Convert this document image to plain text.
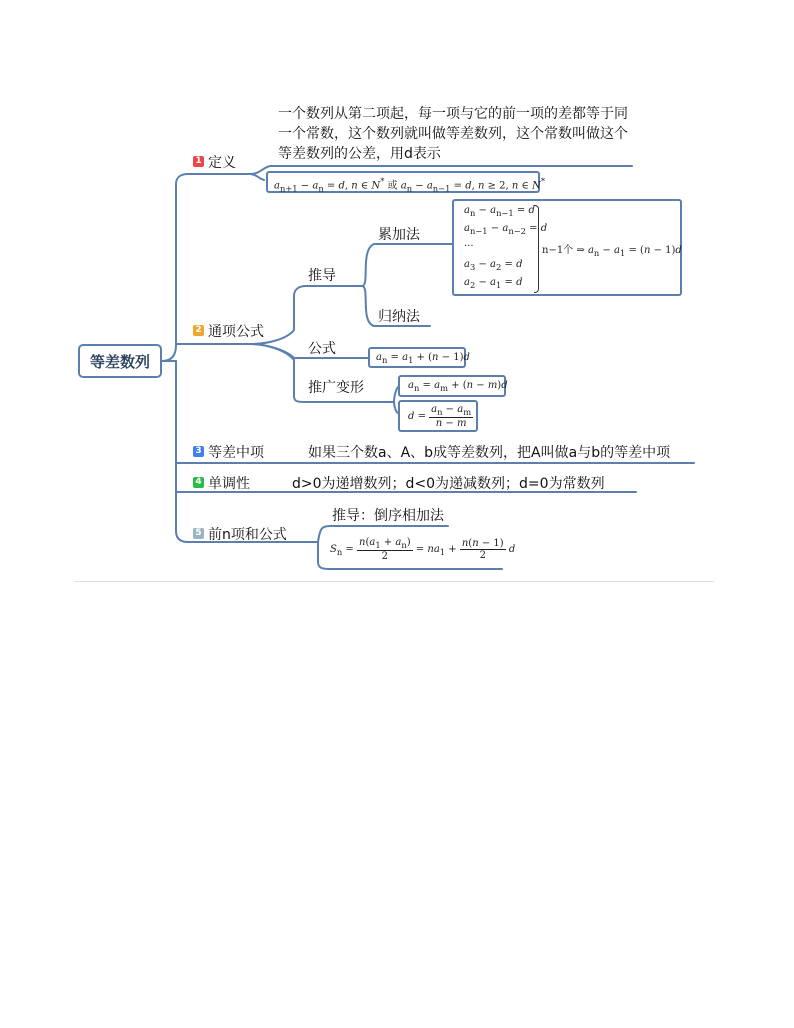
等差数列
1 定义
一个数列从第二项起，每一项与它的前一项的差都等于同一个常数，这个数列就叫做等差数列，这个常数叫做这个等差数列的公差，用d表示
$a_{n+1} - a_n = d$, n ∈ N* 或 $a_n - a_{n-1} = d$, n ≥ 2, n ∈ N*
2 通项公式
推导
累加法
归纳法
$a_n - a_{n-1} = d$
$a_{n-1} - a_{n-2} = d$
···
$a_3 - a_2 = d$
$a_2 - a_1 = d$
n−1个 ⇒ $a_n - a_1 = (n - 1)d$
公式
$a_n = a_1 + (n - 1)d$
推广变形	$a_n = a_m + (n - m)d$
$d = \frac{a_n - a_m}{n - m}$
3 等差中项	如果三个数a、A、b成等差数列，把A叫做a与b的等差中项
4 单调性	d>0为递增数列；d<0为递减数列；d=0为常数列
5 前n项和公式
推导：倒序相加法
$S_n = \frac{n(a_1 + a_n)}{2} = na_1 + \frac{n(n - 1)}{2}$ d
